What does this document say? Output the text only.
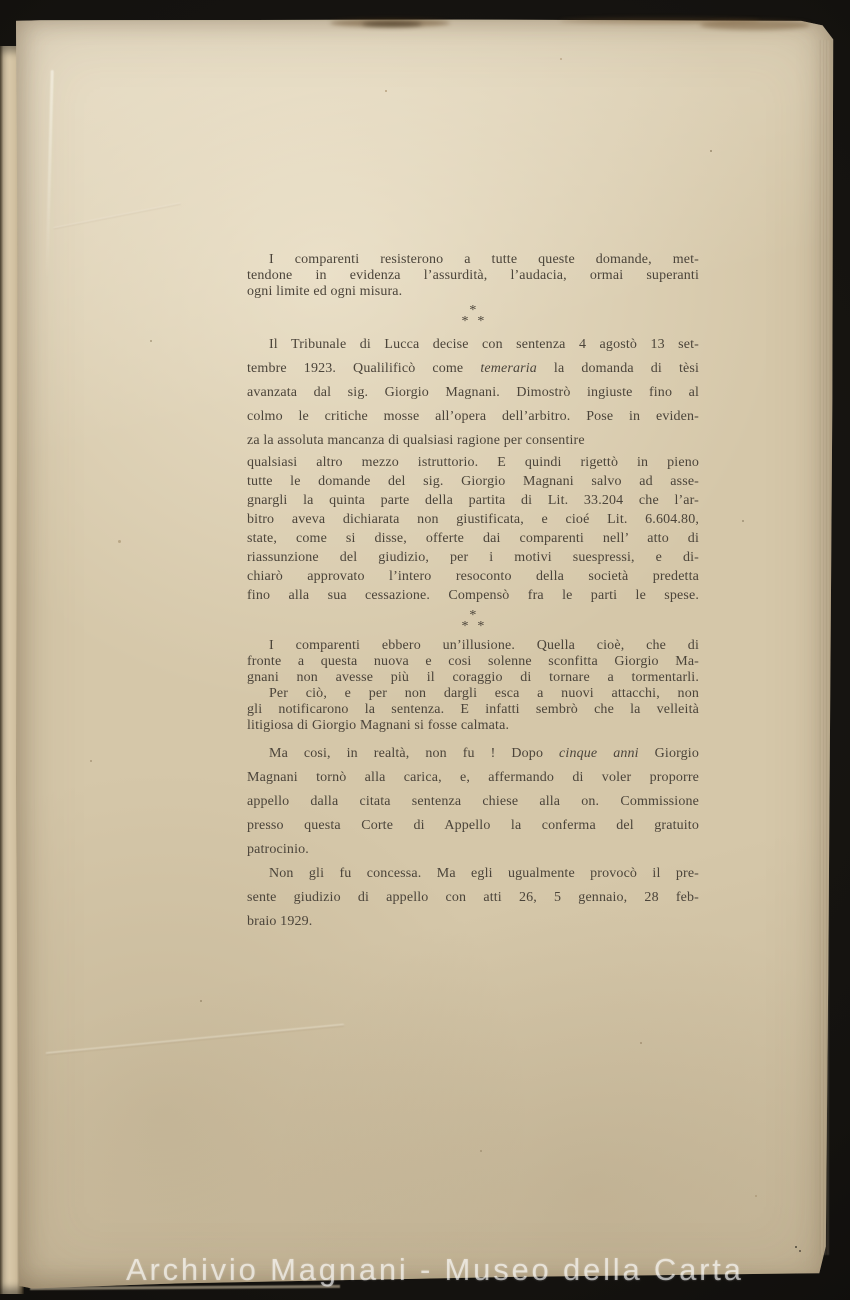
I comparenti resisterono a tutte queste domande, met-
tendone in evidenza l’assurdità, l’audacia, ormai superanti
ogni limite ed ogni misura.
*
* *
Il Tribunale di Lucca decise con sentenza 4 agostò 13 set-
tembre 1923. Qualilificò come temeraria la domanda di tèsi
avanzata dal sig. Giorgio Magnani. Dimostrò ingiuste fino al
colmo le critiche mosse all’opera dell’arbitro. Pose in eviden-
za la assoluta mancanza di qualsiasi ragione per consentire
qualsiasi altro mezzo istruttorio. E quindi rigettò in pieno
tutte le domande del sig. Giorgio Magnani salvo ad asse-
gnargli la quinta parte della partita di Lit. 33.204 che l’ar-
bitro aveva dichiarata non giustificata, e cioé Lit. 6.604.80,
state, come si disse, offerte dai comparenti nell’ atto di
riassunzione del giudizio, per i motivi suespressi, e di-
chiarò approvato l’intero resoconto della società predetta
fino alla sua cessazione. Compensò fra le parti le spese.
*
* *
I comparenti ebbero un’illusione. Quella cioè, che di
fronte a questa nuova e cosi solenne sconfitta Giorgio Ma-
gnani non avesse più il coraggio di tornare a tormentarli.
Per ciò, e per non dargli esca a nuovi attacchi, non
gli notificarono la sentenza. E infatti sembrò che la velleità
litigiosa di Giorgio Magnani si fosse calmata.
Ma cosi, in realtà, non fu ! Dopo cinque anni Giorgio
Magnani tornò alla carica, e, affermando di voler proporre
appello dalla citata sentenza chiese alla on. Commissione
presso questa Corte di Appello la conferma del gratuito
patrocinio.
Non gli fu concessa. Ma egli ugualmente provocò il pre-
sente giudizio di appello con atti 26, 5 gennaio, 28 feb-
braio 1929.
Archivio Magnani - Museo della Carta
